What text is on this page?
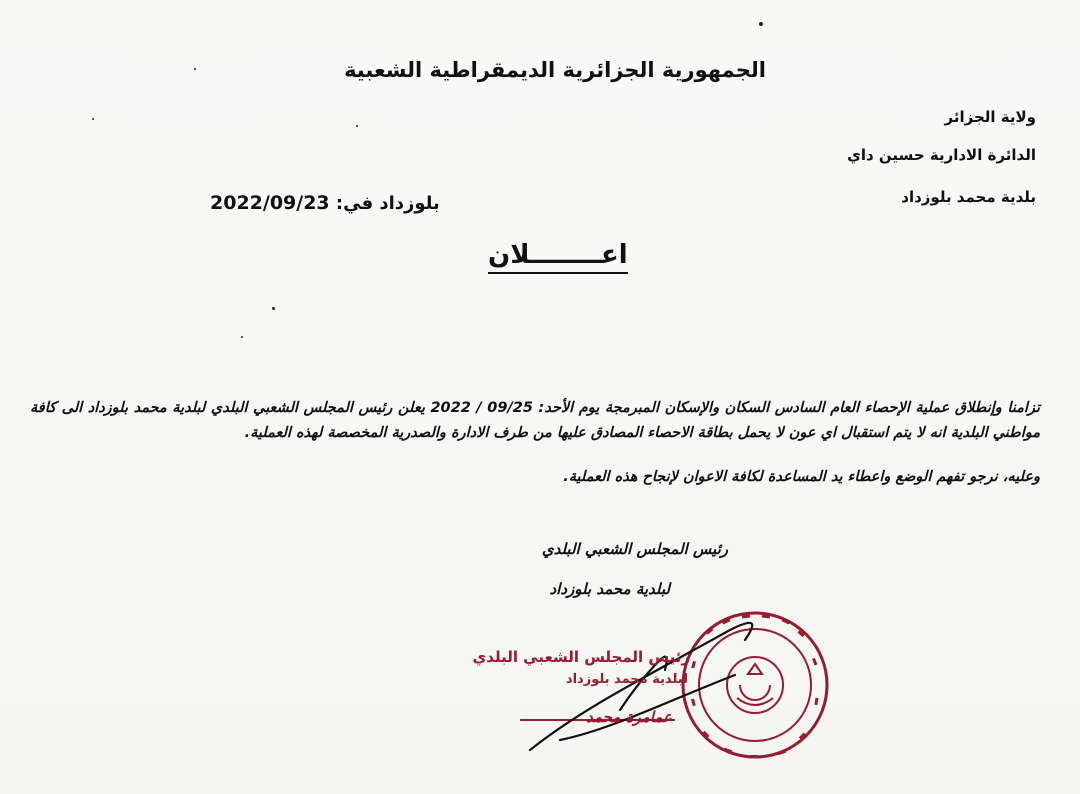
الجمهورية الجزائرية الديمقراطية الشعبية
ولاية الجزائر
الدائرة الادارية حسين داي
بلدية محمد بلوزداد
بلوزداد في: 2022/09/23
اعــــــــلان
تزامنا وإنطلاق عملية الإحصاء العام السادس السكان والإسكان المبرمجة يوم الأحد: 09/25 / 2022 يعلن رئيس المجلس الشعبي البلدي لبلدية محمد بلوزداد الى كافة مواطني البلدية انه لا يتم استقبال اي عون لا يحمل بطاقة الاحصاء المصادق عليها من طرف الادارة والصدرية المخصصة لهذه العملية.
وعليه، نرجو تفهم الوضع واعطاء يد المساعدة لكافة الاعوان لإنجاح هذه العملية.
رئيس المجلس الشعبي البلدي
لبلدية محمد بلوزداد
رئيس المجلس الشعبي البلدي
لبلدية محمد بلوزداد
عمامرة محمد
